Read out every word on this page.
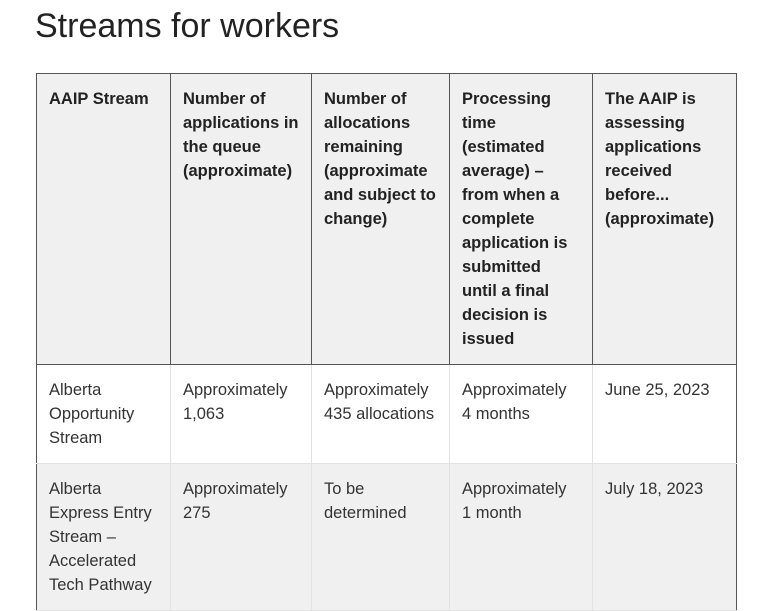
Streams for workers
AAIP Stream	Number of applications in the queue (approximate)	Number of allocations remaining (approximate and subject to change)	Processing time (estimated average) – from when a complete application is submitted until a final decision is issued	The AAIP is assessing applications received before... (approximate)
Alberta Opportunity Stream	Approximately 1,063	Approximately 435 allocations	Approximately 4 months	June 25, 2023
Alberta Express Entry Stream – Accelerated Tech Pathway	Approximately 275	To be determined	Approximately 1 month	July 18, 2023
